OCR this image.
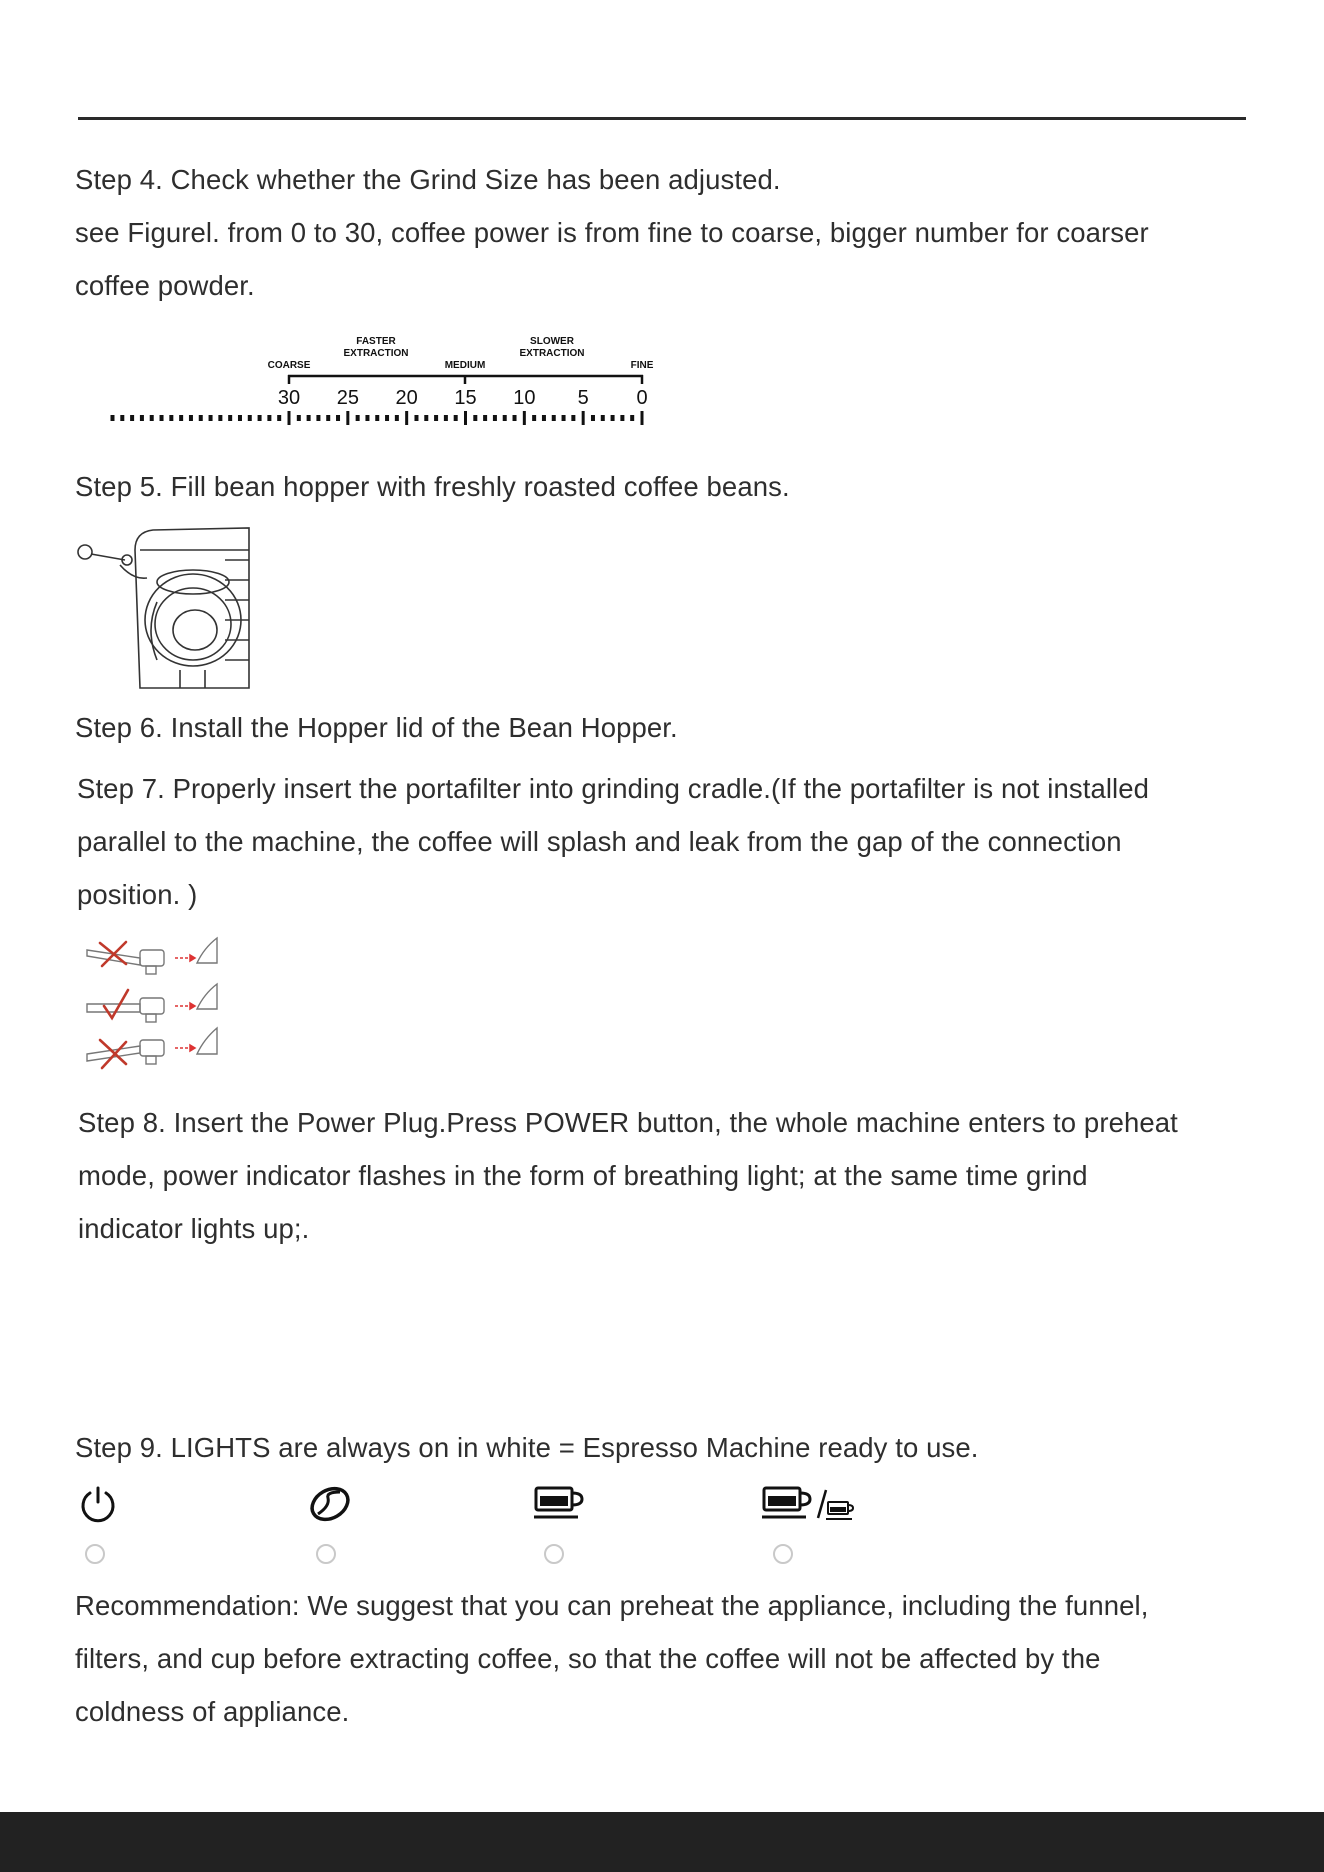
Step 4. Check whether the Grind Size has been adjusted.

see Figurel. from 0 to 30, coffee power is from fine to coarse, bigger number for coarser

coffee powder.

COARSE
FASTER
EXTRACTION
MEDIUM
SLOWER
EXTRACTION
FINE
30 25 20 15 10 5 0

Step 5. Fill bean hopper with freshly roasted coffee beans.

Step 6. Install the Hopper lid of the Bean Hopper.

Step 7. Properly insert the portafilter into grinding cradle.(If the portafilter is not installed

parallel to the machine, the coffee will splash and leak from the gap of the connection

position. )

Step 8. Insert the Power Plug.Press POWER button, the whole machine enters to preheat

mode, power indicator flashes in the form of breathing light; at the same time grind

indicator lights up;.

Step 9. LIGHTS are always on in white = Espresso Machine ready to use.

Recommendation: We suggest that you can preheat the appliance, including the funnel,

filters, and cup before extracting coffee, so that the coffee will not be affected by the

coldness of appliance.
